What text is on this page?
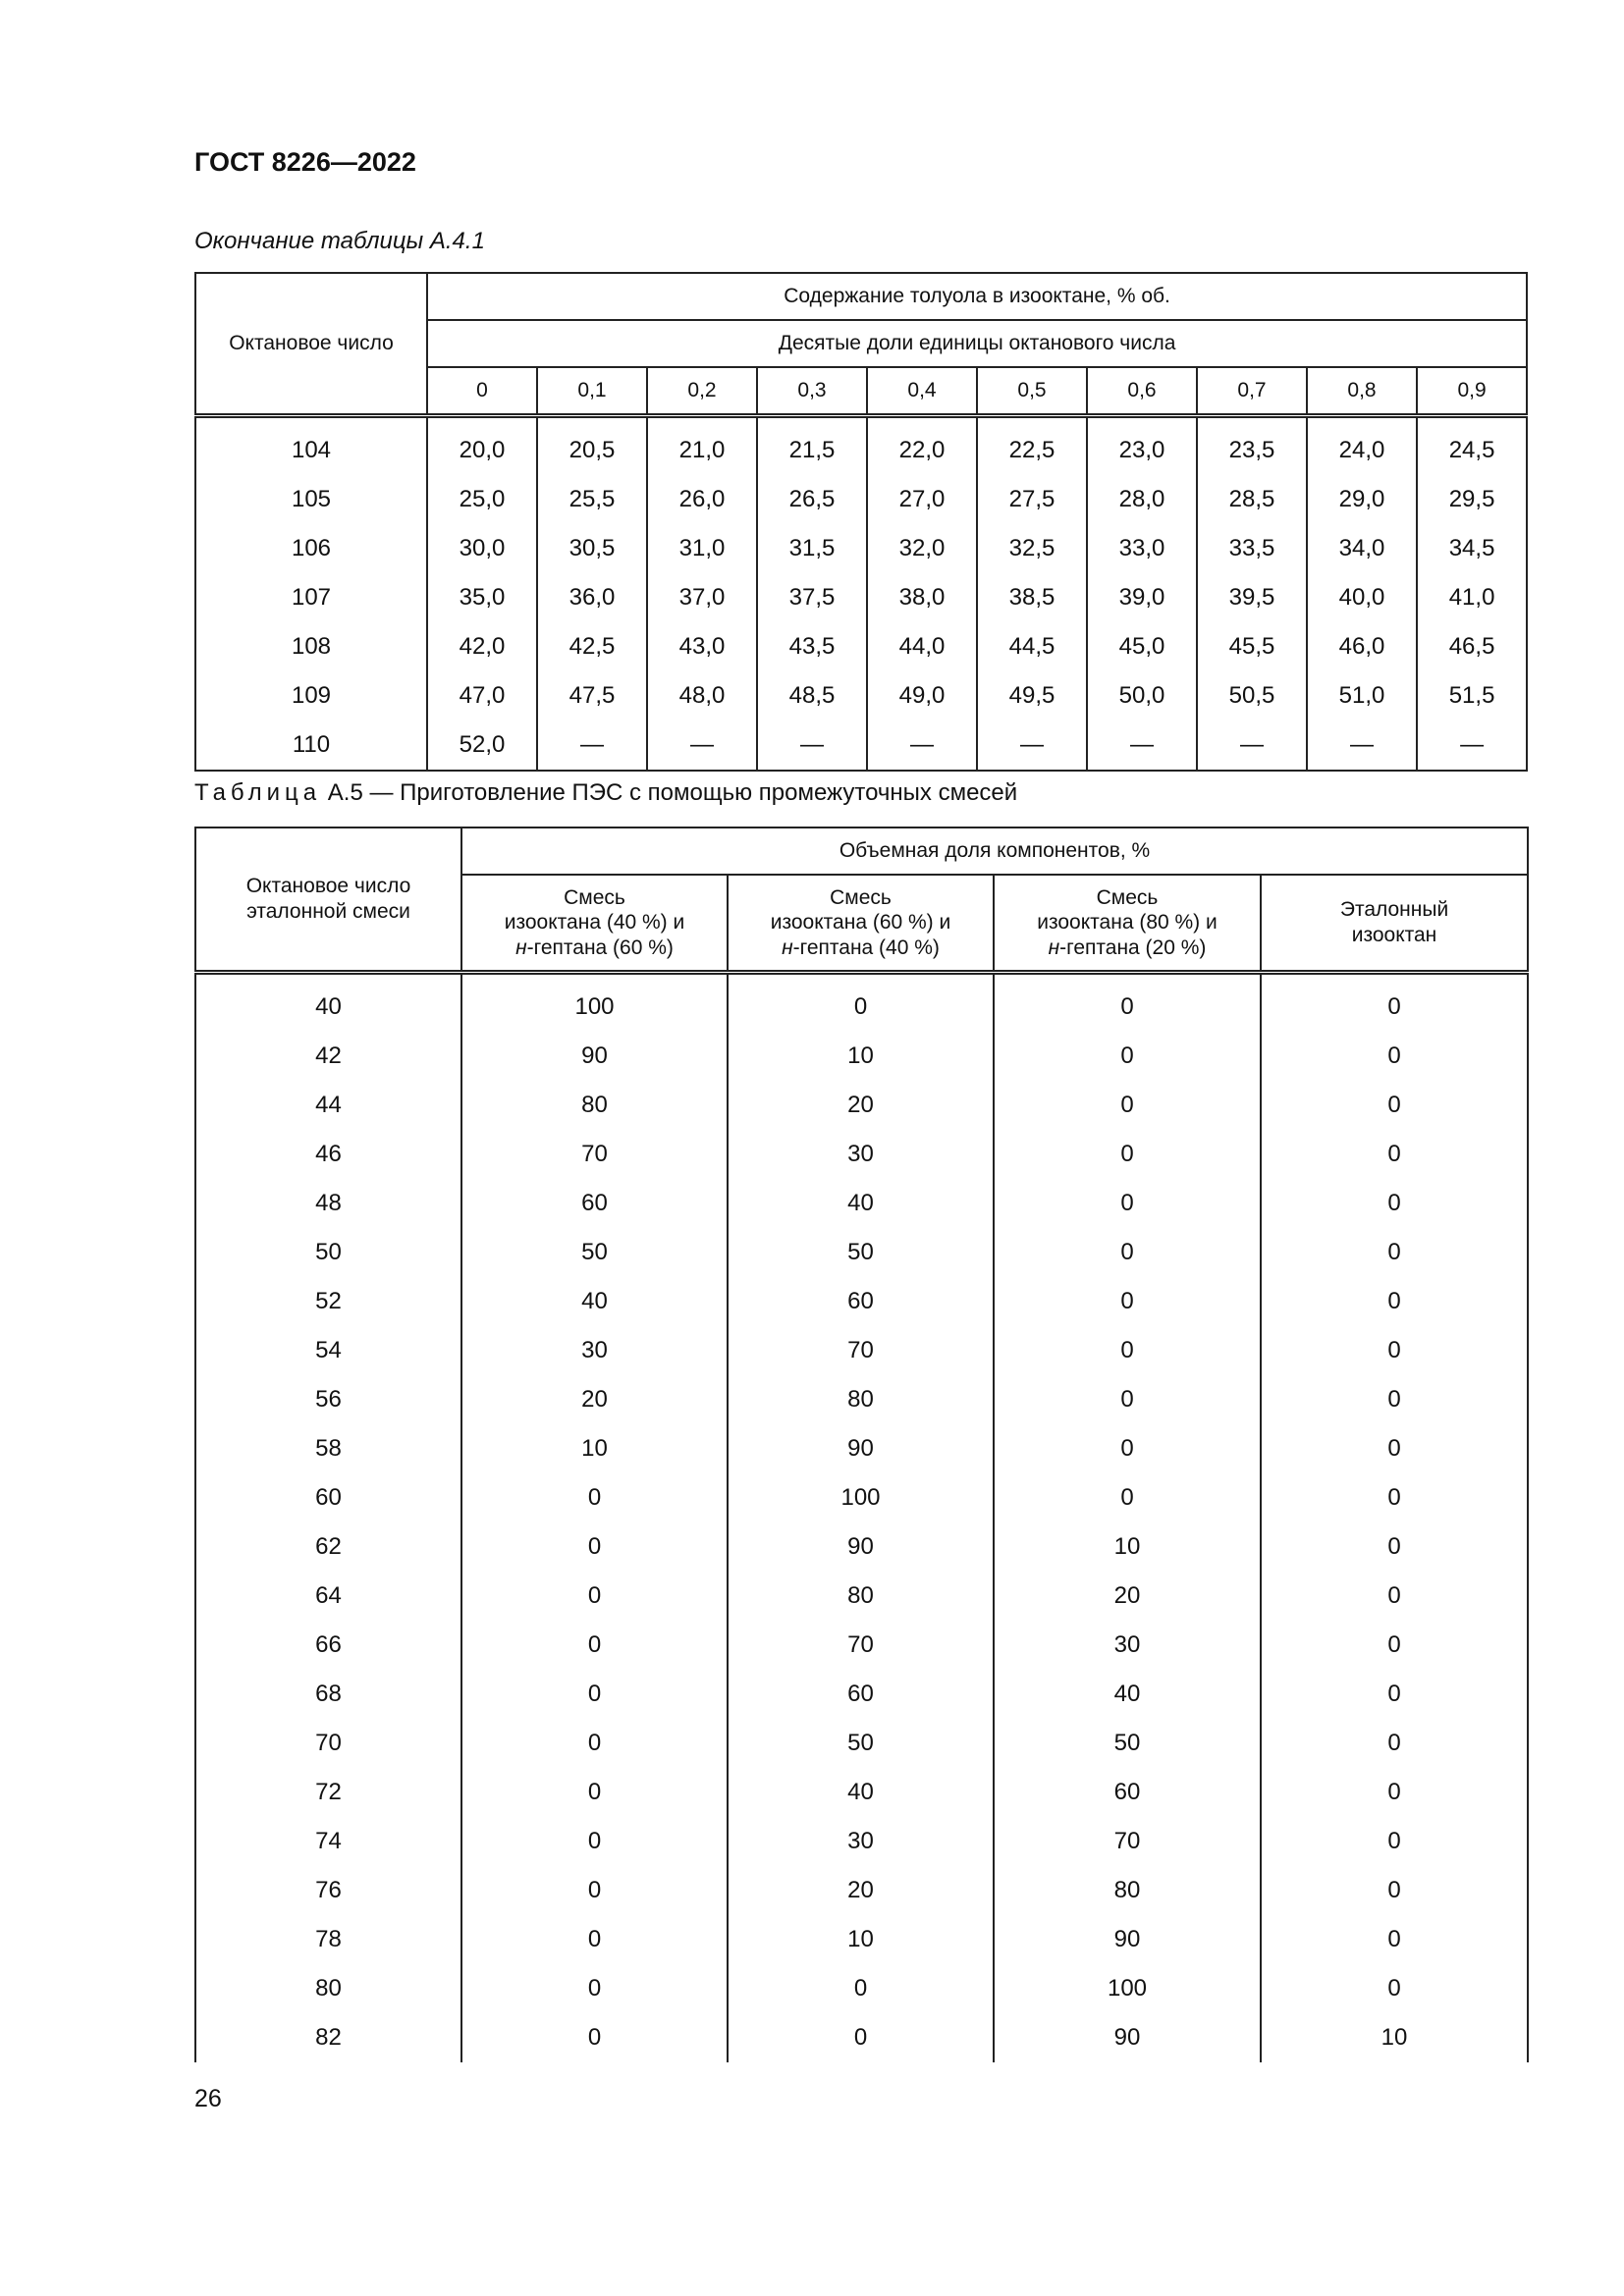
ГОСТ 8226—2022
Окончание таблицы А.4.1
Октановое число	Содержание толуола в изооктане, % об.									
	Десятые доли единицы октанового числа									
	0	0,1	0,2	0,3	0,4	0,5	0,6	0,7	0,8	0,9
104	20,0	20,5	21,0	21,5	22,0	22,5	23,0	23,5	24,0	24,5
105	25,0	25,5	26,0	26,5	27,0	27,5	28,0	28,5	29,0	29,5
106	30,0	30,5	31,0	31,5	32,0	32,5	33,0	33,5	34,0	34,5
107	35,0	36,0	37,0	37,5	38,0	38,5	39,0	39,5	40,0	41,0
108	42,0	42,5	43,0	43,5	44,0	44,5	45,0	45,5	46,0	46,5
109	47,0	47,5	48,0	48,5	49,0	49,5	50,0	50,5	51,0	51,5
110	52,0	—	—	—	—	—	—	—	—	—
Таблица А.5 — Приготовление ПЭС с помощью промежуточных смесей
Октановое число эталонной смеси	Объемная доля компонентов, %			
	Смесь
изооктана (40 %) и
н-гептана (60 %)	Смесь
изооктана (60 %) и
н-гептана (40 %)	Смесь
изооктана (80 %) и
н-гептана (20 %)	Эталонный
изооктан
40	100	0	0	0
42	90	10	0	0
44	80	20	0	0
46	70	30	0	0
48	60	40	0	0
50	50	50	0	0
52	40	60	0	0
54	30	70	0	0
56	20	80	0	0
58	10	90	0	0
60	0	100	0	0
62	0	90	10	0
64	0	80	20	0
66	0	70	30	0
68	0	60	40	0
70	0	50	50	0
72	0	40	60	0
74	0	30	70	0
76	0	20	80	0
78	0	10	90	0
80	0	0	100	0
82	0	0	90	10
26
